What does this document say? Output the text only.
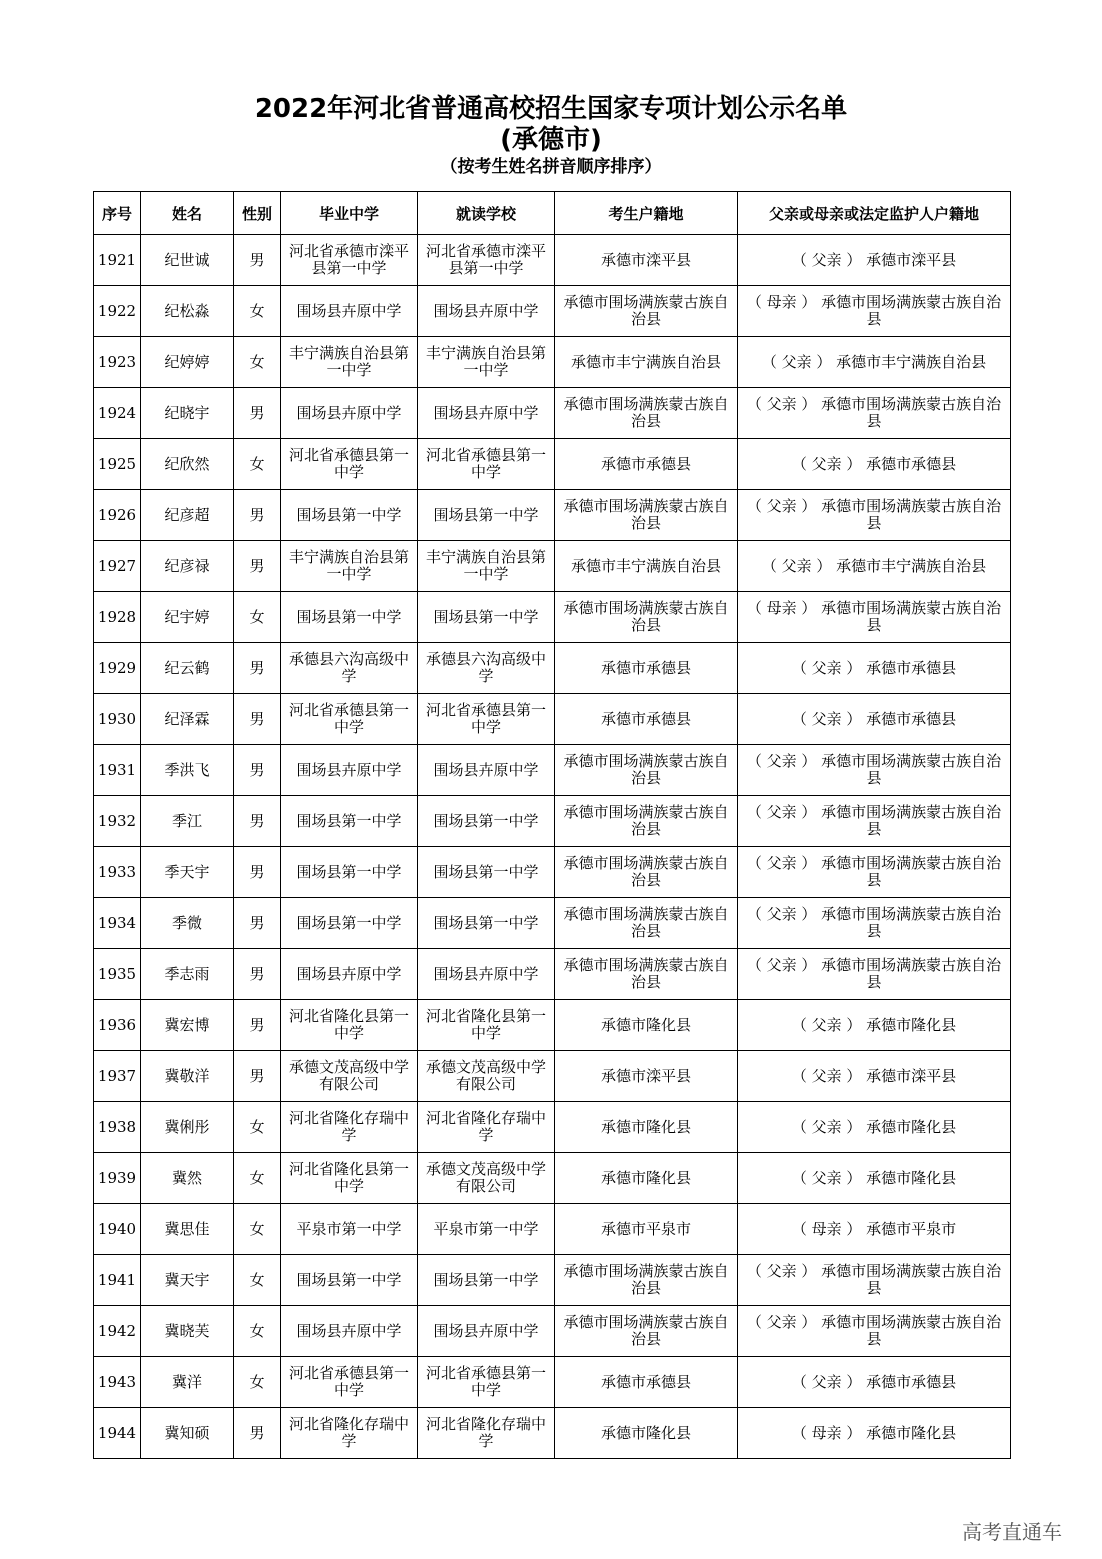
2022年河北省普通高校招生国家专项计划公示名单
(承德市)
（按考生姓名拼音顺序排序）
序号	姓名	性别	毕业中学	就读学校	考生户籍地	父亲或母亲或法定监护人户籍地
1921	纪世诚	男	河北省承德市滦平县第一中学	河北省承德市滦平县第一中学	承德市滦平县	（ 父亲 ） 承德市滦平县
1922	纪松淼	女	围场县卉原中学	围场县卉原中学	承德市围场满族蒙古族自治县	（ 母亲 ） 承德市围场满族蒙古族自治县
1923	纪婷婷	女	丰宁满族自治县第一中学	丰宁满族自治县第一中学	承德市丰宁满族自治县	（ 父亲 ） 承德市丰宁满族自治县
1924	纪晓宇	男	围场县卉原中学	围场县卉原中学	承德市围场满族蒙古族自治县	（ 父亲 ） 承德市围场满族蒙古族自治县
1925	纪欣然	女	河北省承德县第一中学	河北省承德县第一中学	承德市承德县	（ 父亲 ） 承德市承德县
1926	纪彦超	男	围场县第一中学	围场县第一中学	承德市围场满族蒙古族自治县	（ 父亲 ） 承德市围场满族蒙古族自治县
1927	纪彦禄	男	丰宁满族自治县第一中学	丰宁满族自治县第一中学	承德市丰宁满族自治县	（ 父亲 ） 承德市丰宁满族自治县
1928	纪宇婷	女	围场县第一中学	围场县第一中学	承德市围场满族蒙古族自治县	（ 母亲 ） 承德市围场满族蒙古族自治县
1929	纪云鹤	男	承德县六沟高级中学	承德县六沟高级中学	承德市承德县	（ 父亲 ） 承德市承德县
1930	纪泽霖	男	河北省承德县第一中学	河北省承德县第一中学	承德市承德县	（ 父亲 ） 承德市承德县
1931	季洪飞	男	围场县卉原中学	围场县卉原中学	承德市围场满族蒙古族自治县	（ 父亲 ） 承德市围场满族蒙古族自治县
1932	季江	男	围场县第一中学	围场县第一中学	承德市围场满族蒙古族自治县	（ 父亲 ） 承德市围场满族蒙古族自治县
1933	季天宇	男	围场县第一中学	围场县第一中学	承德市围场满族蒙古族自治县	（ 父亲 ） 承德市围场满族蒙古族自治县
1934	季微	男	围场县第一中学	围场县第一中学	承德市围场满族蒙古族自治县	（ 父亲 ） 承德市围场满族蒙古族自治县
1935	季志雨	男	围场县卉原中学	围场县卉原中学	承德市围场满族蒙古族自治县	（ 父亲 ） 承德市围场满族蒙古族自治县
1936	冀宏博	男	河北省隆化县第一中学	河北省隆化县第一中学	承德市隆化县	（ 父亲 ） 承德市隆化县
1937	冀敬洋	男	承德文茂高级中学有限公司	承德文茂高级中学有限公司	承德市滦平县	（ 父亲 ） 承德市滦平县
1938	冀俐彤	女	河北省隆化存瑞中学	河北省隆化存瑞中学	承德市隆化县	（ 父亲 ） 承德市隆化县
1939	冀然	女	河北省隆化县第一中学	承德文茂高级中学有限公司	承德市隆化县	（ 父亲 ） 承德市隆化县
1940	冀思佳	女	平泉市第一中学	平泉市第一中学	承德市平泉市	（ 母亲 ） 承德市平泉市
1941	冀天宇	女	围场县第一中学	围场县第一中学	承德市围场满族蒙古族自治县	（ 父亲 ） 承德市围场满族蒙古族自治县
1942	冀晓芙	女	围场县卉原中学	围场县卉原中学	承德市围场满族蒙古族自治县	（ 父亲 ） 承德市围场满族蒙古族自治县
1943	冀洋	女	河北省承德县第一中学	河北省承德县第一中学	承德市承德县	（ 父亲 ） 承德市承德县
1944	冀知硕	男	河北省隆化存瑞中学	河北省隆化存瑞中学	承德市隆化县	（ 母亲 ） 承德市隆化县
高考直通车
